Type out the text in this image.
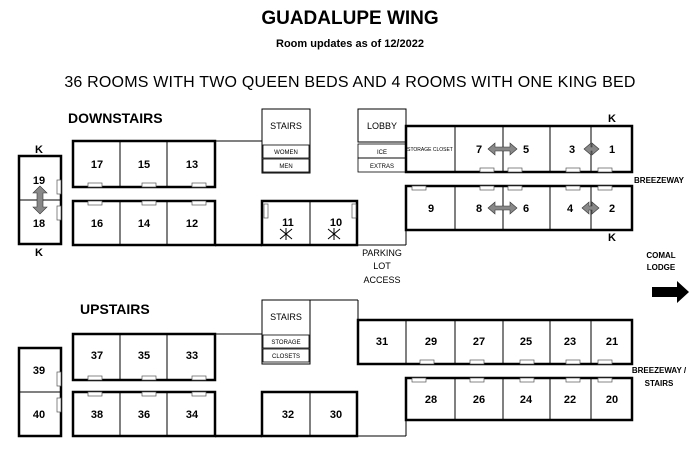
GUADALUPE WING
Room updates as of 12/2022
36 ROOMS WITH TWO QUEEN BEDS AND 4 ROOMS WITH ONE KING BED
DOWNSTAIRS
UPSTAIRS
17	15	13
16	14	12	11	10
19
18
7	5	3	1
9	8	6	4	2
37	35	33
38	36	34	32	30
39
40
31	29	27	25	23	21
28	26	24	22	20
STAIRS
WOMEN
MEN
LOBBY
ICE
EXTRAS
STORAGE CLOSET
STAIRS
STORAGE
CLOSETS
K
K
K
K
BREEZEWAY
BREEZEWAY /
STAIRS
COMAL
LODGE
PARKING
LOT
ACCESS
